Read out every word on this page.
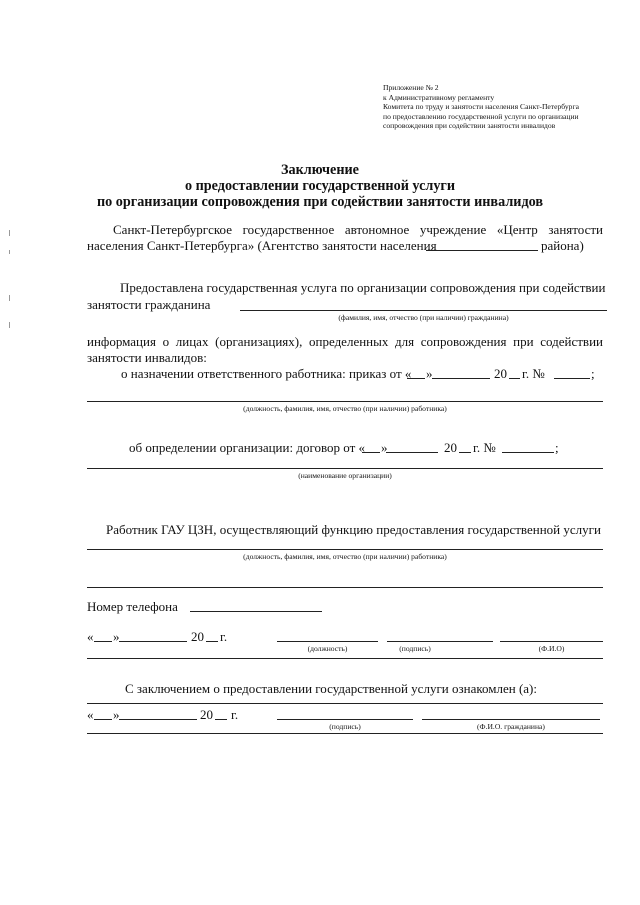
Приложение № 2
к Административному регламенту
Комитета по труду и занятости населения Санкт-Петербурга
по предоставлению государственной услуги по организации
сопровождения при содействии занятости инвалидов
Заключение
о предоставлении государственной услуги
по организации сопровождения при содействии занятости инвалидов
Санкт-Петербургское государственное автономное учреждение «Центр занятости
населения Санкт-Петербурга» (Агентство занятости населения	района)
Предоставлена государственная услуга по организации сопровождения при содействии
занятости гражданина
(фамилия, имя, отчество (при наличии) гражданина)
информация о лицах (организациях), определенных для сопровождения при содействии
занятости инвалидов:
о назначении ответственного работника: приказ от « »	20 г. №	;
(должность, фамилия, имя, отчество (при наличии) работника)
об определении организации: договор от « »	20 г. №	;
(наименование организации)
Работник ГАУ ЦЗН, осуществляющий функцию предоставления государственной услуги
(должность, фамилия, имя, отчество (при наличии) работника)
Номер телефона
« »	20 г.
(должность)	(подпись)	(Ф.И.О)
С заключением о предоставлении государственной услуги ознакомлен (а):
« »	20 г.
(подпись)	(Ф.И.О. гражданина)
